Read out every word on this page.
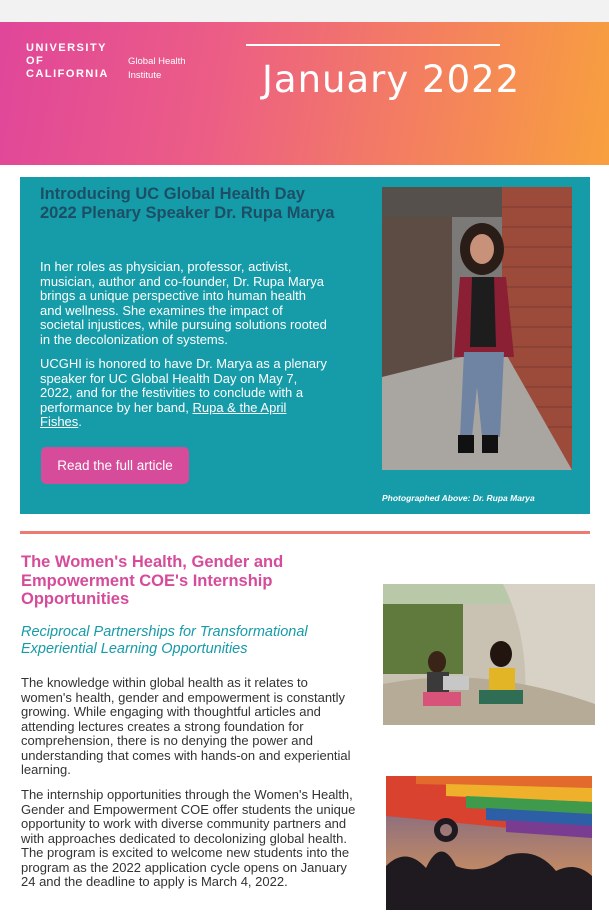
UNIVERSITY
OF
CALIFORNIA
Global Health
Institute	January 2022
Introducing UC Global Health Day 2022 Plenary Speaker Dr. Rupa Marya

In her roles as physician, professor, activist, musician, author and co-founder, Dr. Rupa Marya brings a unique perspective into human health and wellness. She examines the impact of societal injustices, while pursuing solutions rooted in the decolonization of systems.

UCGHI is honored to have Dr. Marya as a plenary speaker for UC Global Health Day on May 7, 2022, and for the festivities to conclude with a performance by her band, Rupa & the April Fishes.

Read the full article
Photographed Above: Dr. Rupa Marya
The Women's Health, Gender and Empowerment COE's Internship Opportunities
Reciprocal Partnerships for Transformational Experiential Learning Opportunities

The knowledge within global health as it relates to women's health, gender and empowerment is constantly growing. While engaging with thoughtful articles and attending lectures creates a strong foundation for comprehension, there is no denying the power and understanding that comes with hands-on and experiential learning.

The internship opportunities through the Women's Health, Gender and Empowerment COE offer students the unique opportunity to work with diverse community partners and with approaches dedicated to decolonizing global health. The program is excited to welcome new students into the program as the 2022 application cycle opens on January 24 and the deadline to apply is March 4, 2022.
